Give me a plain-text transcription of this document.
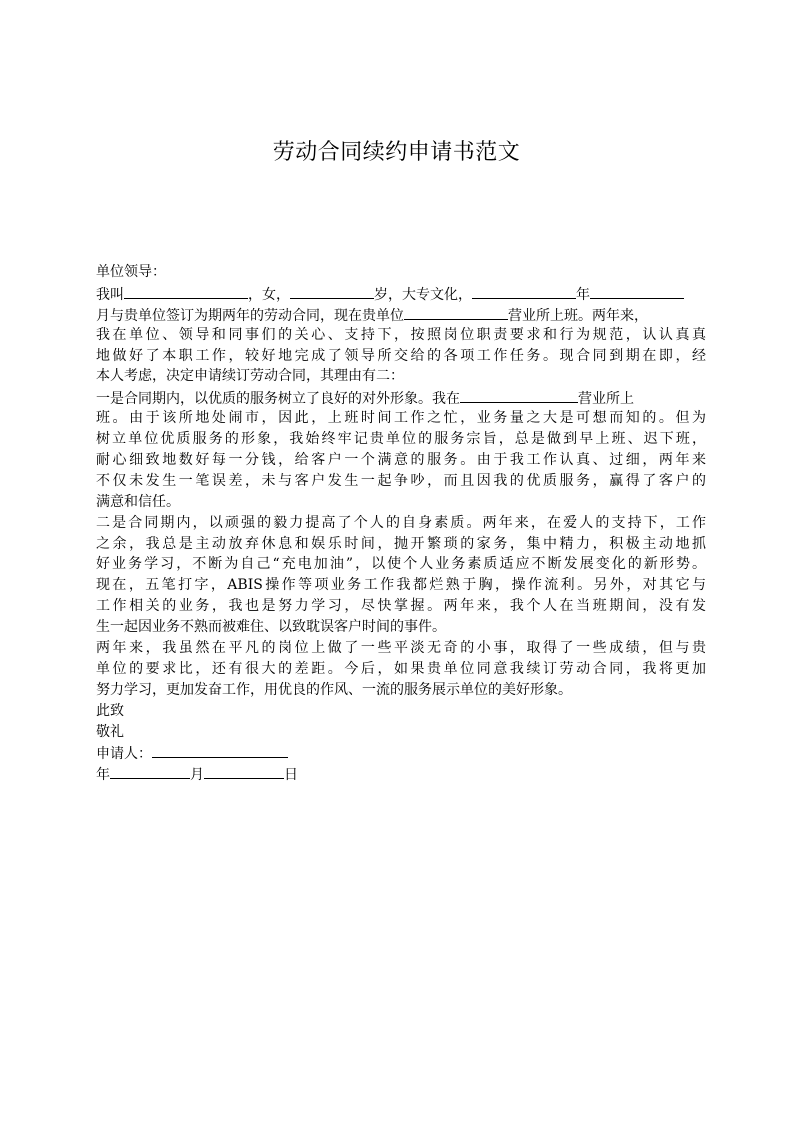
劳动合同续约申请书范文
单位领导：
我叫	，女，	岁，大专文化，	年
月与贵单位签订为期两年的劳动合同，现在贵单位	营业所上班。两年来，
我在单位、领导和同事们的关心、支持下，按照岗位职责要求和行为规范，认认真真
地做好了本职工作，较好地完成了领导所交给的各项工作任务。现合同到期在即，经
本人考虑，决定申请续订劳动合同，其理由有二：
一是合同期内，以优质的服务树立了良好的对外形象。我在	营业所上
班。由于该所地处闹市，因此，上班时间工作之忙，业务量之大是可想而知的。但为
树立单位优质服务的形象，我始终牢记贵单位的服务宗旨，总是做到早上班、迟下班，
耐心细致地数好每一分钱，给客户一个满意的服务。由于我工作认真、过细，两年来
不仅未发生一笔误差，未与客户发生一起争吵，而且因我的优质服务，赢得了客户的
满意和信任。
二是合同期内，以顽强的毅力提高了个人的自身素质。两年来，在爱人的支持下，工作
之余，我总是主动放弃休息和娱乐时间，抛开繁琐的家务，集中精力，积极主动地抓
好业务学习，不断为自己“充电加油”，以使个人业务素质适应不断发展变化的新形势。
现在，五笔打字，ABIS操作等项业务工作我都烂熟于胸，操作流利。另外，对其它与
工作相关的业务，我也是努力学习，尽快掌握。两年来，我个人在当班期间，没有发
生一起因业务不熟而被难住、以致耽误客户时间的事件。
两年来，我虽然在平凡的岗位上做了一些平淡无奇的小事，取得了一些成绩，但与贵
单位的要求比，还有很大的差距。今后，如果贵单位同意我续订劳动合同，我将更加
努力学习，更加发奋工作，用优良的作风、一流的服务展示单位的美好形象。
此致
敬礼
申请人：
年	月	日
